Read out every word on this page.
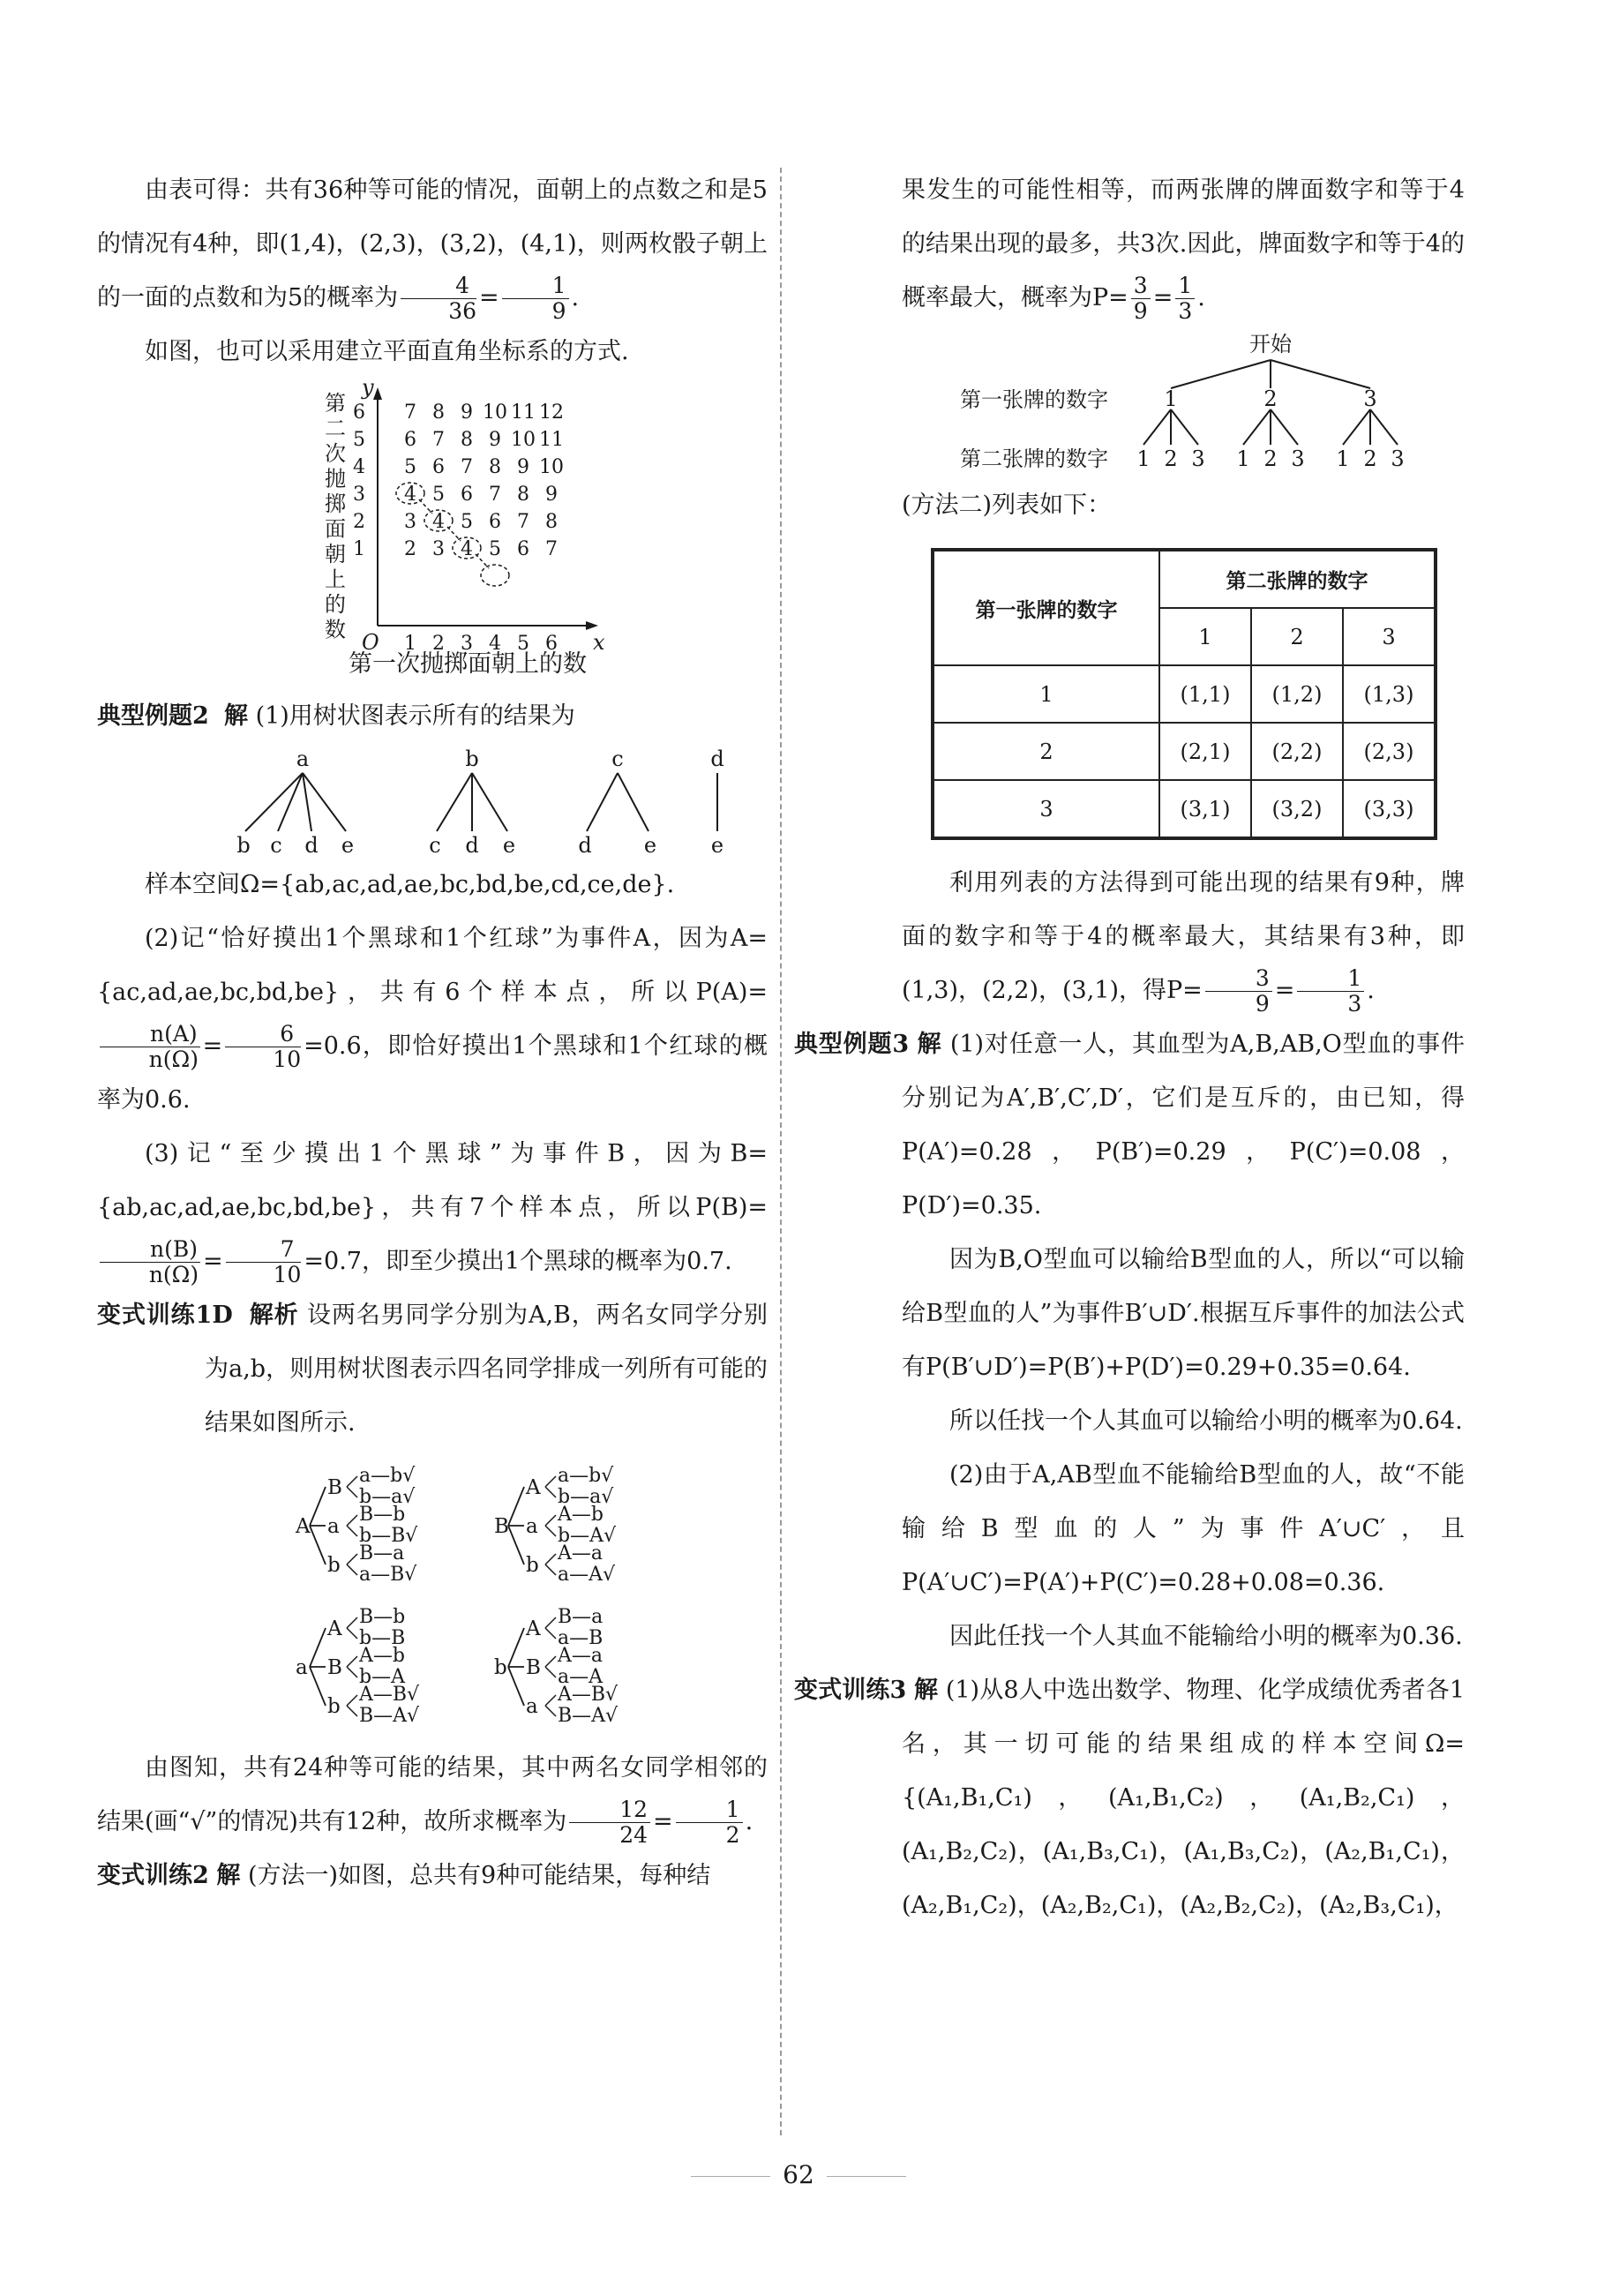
由表可得：共有36种等可能的情况，面朝上的点数之和是5的情况有4种，即(1,4)，(2,3)，(3,2)，(4,1)，则两枚骰子朝上的一面的点数和为5的概率为 $\frac{4}{36} = \frac{1}{9}$ .

如图，也可以采用建立平面直角坐标系的方式.

第
二
次
抛
掷
面
朝
上
的
数
y
x
O
1
2
3
4
5
6
1 2 3 4 5 6
2 3 4 5 6 7
3 4 5 6 7 8
4 5 6 7 8 9
5 6 7 8 9 10
6 7 8 9 10 11
7 8 9 10 11 12

第一次抛掷面朝上的数

典型例题2 解 (1)用树状图表示所有的结果为

a	b	c	d
b c d e	c d e	d e	e

样本空间Ω={ab,ac,ad,ae,bc,bd,be,cd,ce,de}.

(2)记“恰好摸出1个黑球和1个红球”为事件A，因为A={ac,ad,ae,bc,bd,be}，共有6个样本点，所以P(A)=
$\frac{n(A)}{n(\Omega)} = \frac{6}{10} =0.6$，即恰好摸出1个黑球和1个红球的概率为0.6.

(3)记“至少摸出1个黑球”为事件B，因为B={ab,ac,ad,ae,bc,bd,be}，共有7个样本点，所以P(B)=
$\frac{n(B)}{n(\Omega)} = \frac{7}{10} =0.7$，即至少摸出1个黑球的概率为0.7.

变式训练1D 解析 设两名男同学分别为A,B，两名女同学分别为a,b，则用树状图表示四名同学排成一列所有可能的结果如图所示.

A
B
a—b√
b—a√
a
B—b
b—B√
b
B—a
a—B√
B
A
a—b√
b—a√
a
A—b
b—A√
b
A—a
a—A√
a
A
B—b
b—B
B
A—b
b—A
b
A—B√
B—A√
b
A
B—a
a—B
B
A—a
a—A
a
A—B√
B—A√

由图知，共有24种等可能的结果，其中两名女同学相邻的结果(画“√”的情况)共有12种，故所求概率为 $\frac{12}{24} = \frac{1}{2}$ .

变式训练2 解 (方法一)如图，总共有9种可能结果，每种结

果发生的可能性相等，而两张牌的牌面数字和等于4的结果出现的最多，共3次.因此，牌面数字和等于4的概率最大，概率为$P= \frac{3}{9} = \frac{1}{3}$ .

开始
第一张牌的数字
第二张牌的数字
1	2	3
1 2 3 1 2 3 1 2 3

(方法二)列表如下：

第一张牌的数字	第二张牌的数字		
	1	2	3
1	(1,1)	(1,2)	(1,3)
2	(2,1)	(2,2)	(2,3)
3	(3,1)	(3,2)	(3,3)

利用列表的方法得到可能出现的结果有9种，牌面的数字和等于4的概率最大，其结果有3种，即(1,3)，(2,2)，(3,1)，得$P= \frac{3}{9} = \frac{1}{3}$ .

典型例题3 解 (1)对任意一人，其血型为A,B,AB,O型血的事件分别记为A′,B′,C′,D′，它们是互斥的，由已知，得P(A′)=0.28，P(B′)=0.29，P(C′)=0.08，P(D′)=0.35.

因为B,O型血可以输给B型血的人，所以“可以输给B型血的人”为事件B′∪D′.根据互斥事件的加法公式有P(B′∪D′)=P(B′)+P(D′)=0.29+0.35=0.64.

所以任找一个人其血可以输给小明的概率为0.64.

(2)由于A,AB型血不能输给B型血的人，故“不能输给B型血的人”为事件A′∪C′，且P(A′∪C′)=P(A′)+P(C′)=0.28+0.08=0.36.

因此任找一个人其血不能输给小明的概率为0.36.

变式训练3 解 (1)从8人中选出数学、物理、化学成绩优秀者各1名，其一切可能的结果组成的样本空间Ω={(A₁,B₁,C₁)，(A₁,B₁,C₂)，(A₁,B₂,C₁)，(A₁,B₂,C₂)，(A₁,B₃,C₁)，(A₁,B₃,C₂)，(A₂,B₁,C₁)，(A₂,B₁,C₂)，(A₂,B₂,C₁)，(A₂,B₂,C₂)，(A₂,B₃,C₁)，

62
